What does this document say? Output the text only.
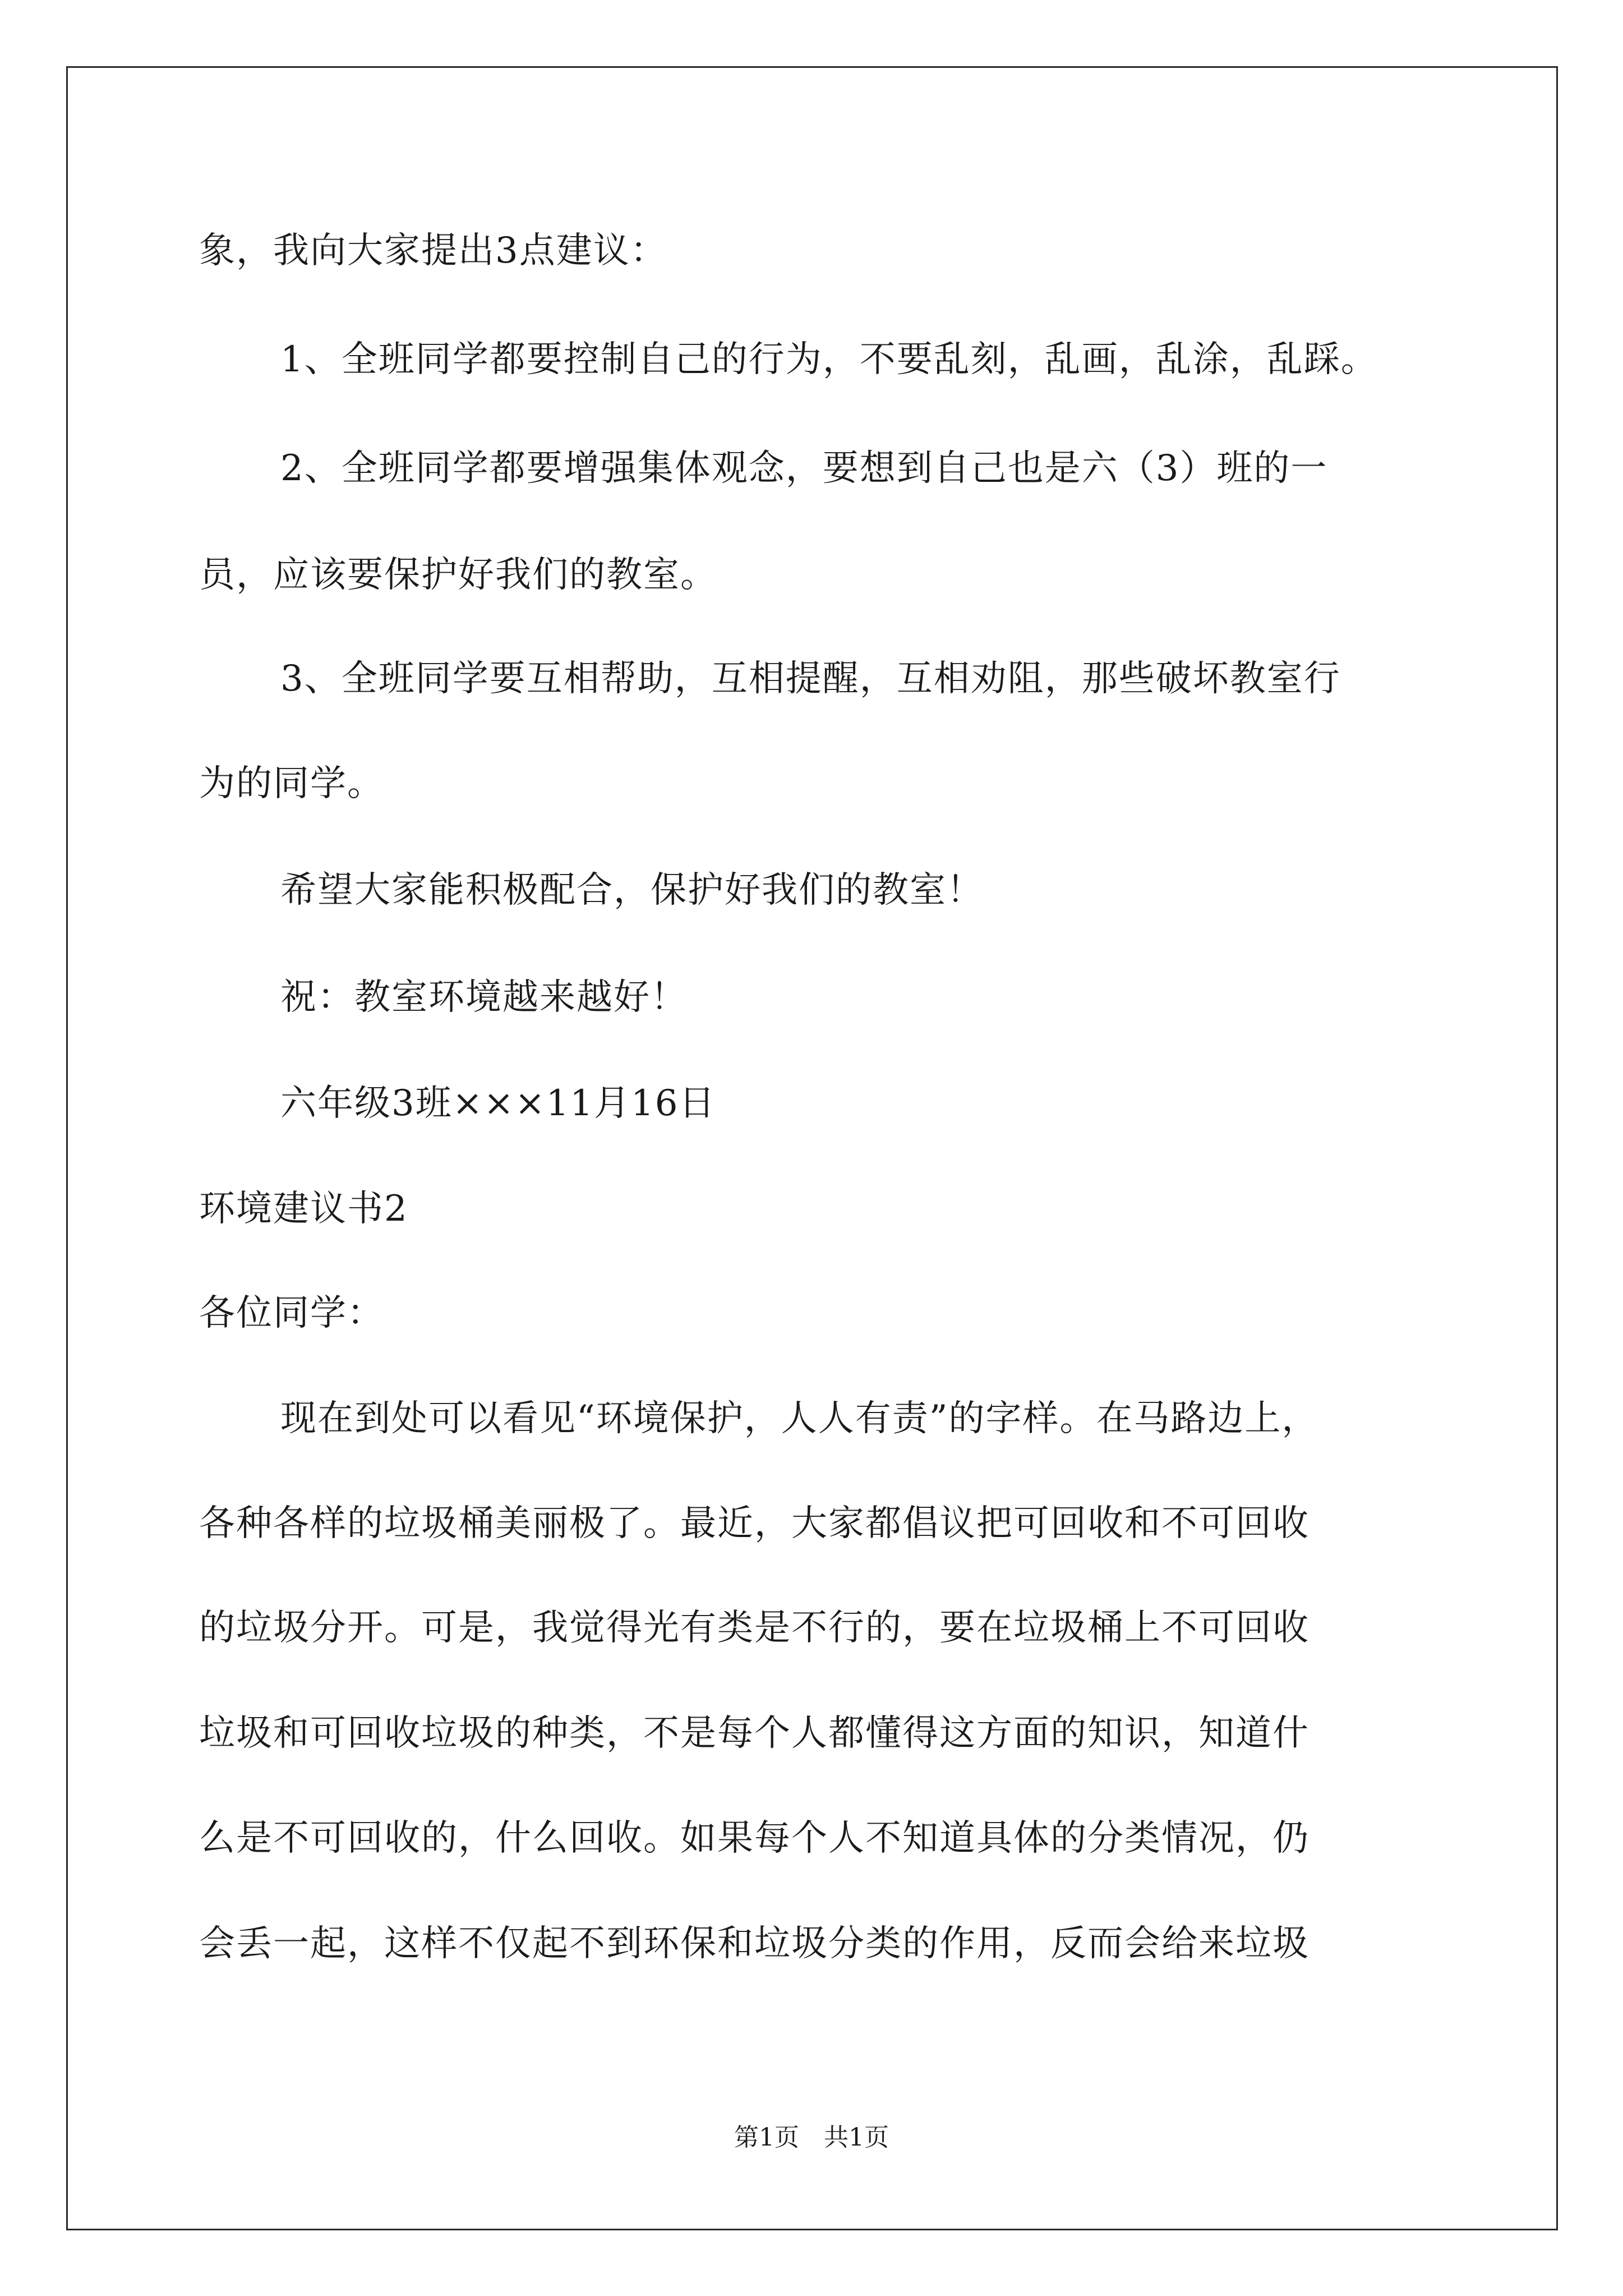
象，我向大家提出3点建议：
1、全班同学都要控制自己的行为，不要乱刻，乱画，乱涂，乱踩。
2、全班同学都要增强集体观念，要想到自己也是六（3）班的一
员，应该要保护好我们的教室。
3、全班同学要互相帮助，互相提醒，互相劝阻，那些破坏教室行
为的同学。
希望大家能积极配合，保护好我们的教室！
祝：教室环境越来越好！
六年级3班×××11月16日
环境建议书2
各位同学：
现在到处可以看见“环境保护，人人有责”的字样。在马路边上，
各种各样的垃圾桶美丽极了。最近，大家都倡议把可回收和不可回收
的垃圾分开。可是，我觉得光有类是不行的，要在垃圾桶上不可回收
垃圾和可回收垃圾的种类，不是每个人都懂得这方面的知识，知道什
么是不可回收的，什么回收。如果每个人不知道具体的分类情况，仍
会丢一起，这样不仅起不到环保和垃圾分类的作用，反而会给来垃圾
第1页　共1页
